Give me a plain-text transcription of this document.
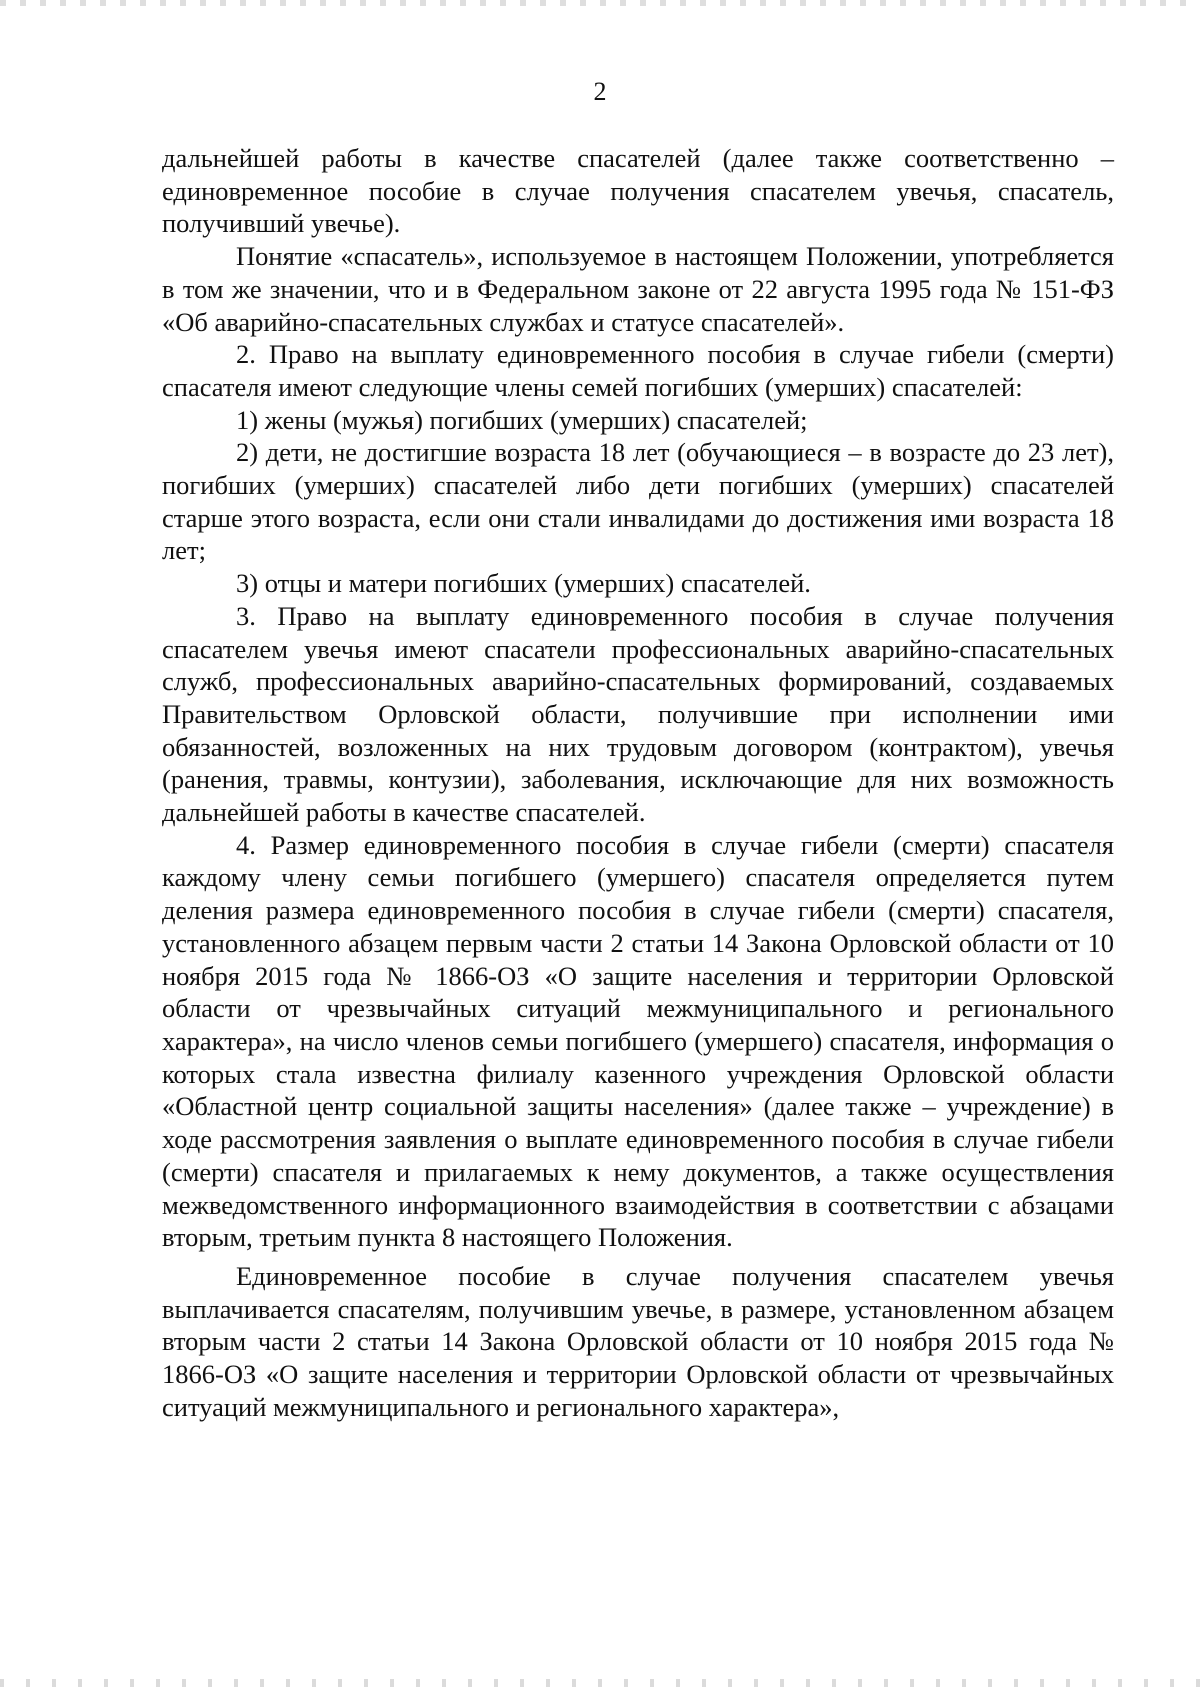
2

дальнейшей работы в качестве спасателей (далее также соответственно – единовременное пособие в случае получения спасателем увечья, спасатель, получивший увечье).

Понятие «спасатель», используемое в настоящем Положении, употребляется в том же значении, что и в Федеральном законе от 22 августа 1995 года № 151-ФЗ «Об аварийно-спасательных службах и статусе спасателей».

2. Право на выплату единовременного пособия в случае гибели (смерти) спасателя имеют следующие члены семей погибших (умерших) спасателей:

1) жены (мужья) погибших (умерших) спасателей;

2) дети, не достигшие возраста 18 лет (обучающиеся – в возрасте до 23 лет), погибших (умерших) спасателей либо дети погибших (умерших) спасателей старше этого возраста, если они стали инвалидами до достижения ими возраста 18 лет;

3) отцы и матери погибших (умерших) спасателей.

3. Право на выплату единовременного пособия в случае получения спасателем увечья имеют спасатели профессиональных аварийно-спасательных служб, профессиональных аварийно-спасательных формирований, создаваемых Правительством Орловской области, получившие при исполнении ими обязанностей, возложенных на них трудовым договором (контрактом), увечья (ранения, травмы, контузии), заболевания, исключающие для них возможность дальнейшей работы в качестве спасателей.

4. Размер единовременного пособия в случае гибели (смерти) спасателя каждому члену семьи погибшего (умершего) спасателя определяется путем деления размера единовременного пособия в случае гибели (смерти) спасателя, установленного абзацем первым части 2 статьи 14 Закона Орловской области от 10 ноября 2015 года № 1866-ОЗ «О защите населения и территории Орловской области от чрезвычайных ситуаций межмуниципального и регионального характера», на число членов семьи погибшего (умершего) спасателя, информация о которых стала известна филиалу казенного учреждения Орловской области «Областной центр социальной защиты населения» (далее также – учреждение) в ходе рассмотрения заявления о выплате единовременного пособия в случае гибели (смерти) спасателя и прилагаемых к нему документов, а также осуществления межведомственного информационного взаимодействия в соответствии с абзацами вторым, третьим пункта 8 настоящего Положения.

Единовременное пособие в случае получения спасателем увечья выплачивается спасателям, получившим увечье, в размере, установленном абзацем вторым части 2 статьи 14 Закона Орловской области от 10 ноября 2015 года № 1866-ОЗ «О защите населения и территории Орловской области от чрезвычайных ситуаций межмуниципального и регионального характера»,
